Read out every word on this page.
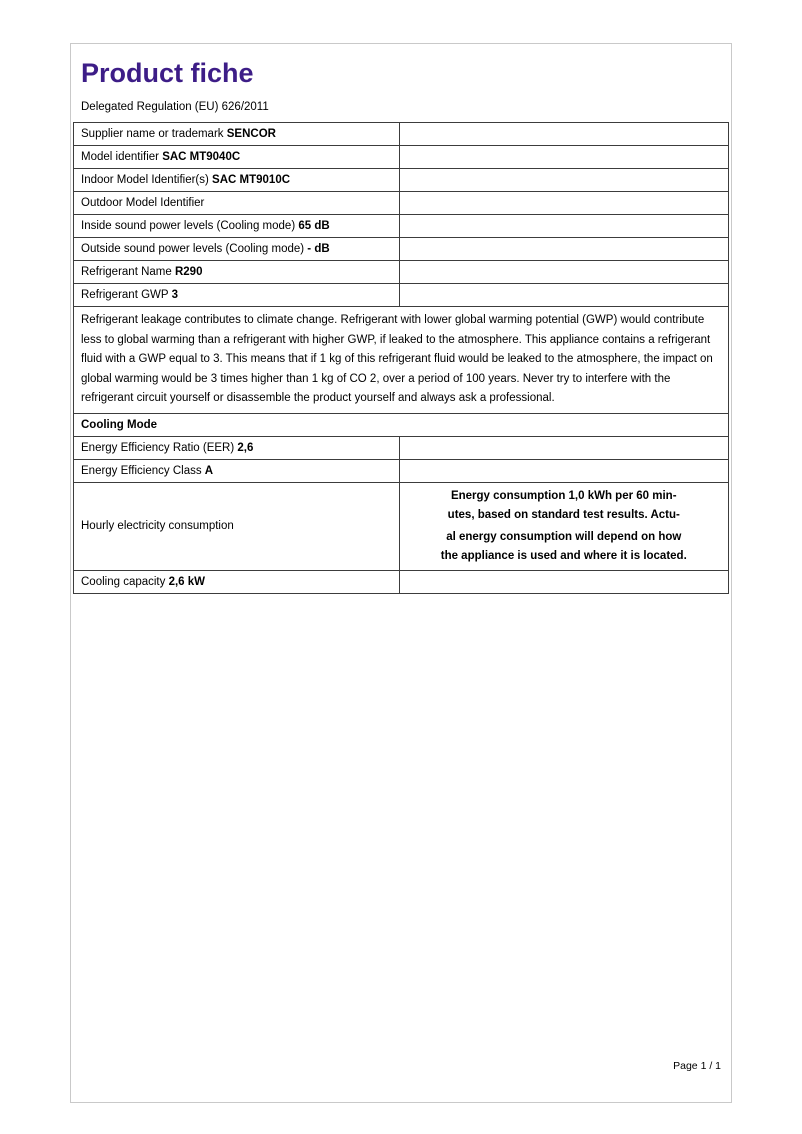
Product fiche
Delegated Regulation (EU) 626/2011
Supplier name or trademark SENCOR	
Model identifier SAC MT9040C	
Indoor Model Identifier(s) SAC MT9010C	
Outdoor Model Identifier	
Inside sound power levels (Cooling mode) 65 dB	
Outside sound power levels (Cooling mode) - dB	
Refrigerant Name R290	
Refrigerant GWP 3	
Refrigerant leakage contributes to climate change. Refrigerant with lower global warming potential (GWP) would contribute less to global warming than a refrigerant with higher GWP, if leaked to the atmosphere. This appliance contains a refrigerant fluid with a GWP equal to 3. This means that if 1 kg of this refrigerant fluid would be leaked to the atmosphere, the impact on global warming would be 3 times higher than 1 kg of CO 2, over a period of 100 years. Never try to interfere with the refrigerant circuit yourself or disassemble the product yourself and always ask a professional.	
Cooling Mode	
Energy Efficiency Ratio (EER) 2,6	
Energy Efficiency Class A	
Hourly electricity consumption	Energy consumption 1,0 kWh per 60 min-
utes, based on standard test results. Actu-
al energy consumption will depend on how
the appliance is used and where it is located.

Cooling capacity 2,6 kW	
Page 1 / 1
